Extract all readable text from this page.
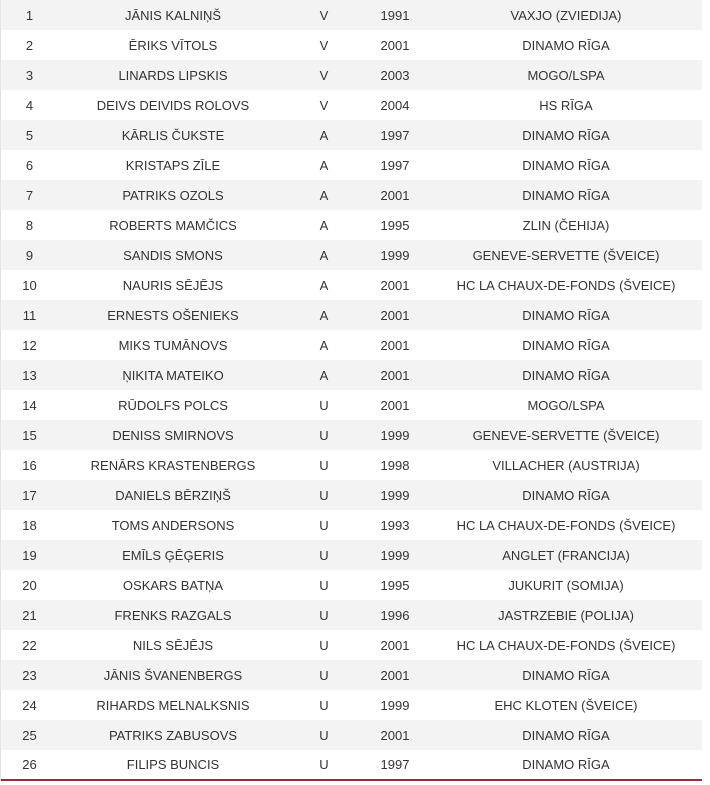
1	JĀNIS KALNIŅŠ	V	1991	VAXJO (ZVIEDIJA)
2	ĒRIKS VĪTOLS	V	2001	DINAMO RĪGA
3	LINARDS LIPSKIS	V	2003	MOGO/LSPA
4	DEIVS DEIVIDS ROLOVS	V	2004	HS RĪGA
5	KĀRLIS ČUKSTE	A	1997	DINAMO RĪGA
6	KRISTAPS ZĪLE	A	1997	DINAMO RĪGA
7	PATRIKS OZOLS	A	2001	DINAMO RĪGA
8	ROBERTS MAMČICS	A	1995	ZLIN (ČEHIJA)
9	SANDIS SMONS	A	1999	GENEVE-SERVETTE (ŠVEICE)
10	NAURIS SĒJĒJS	A	2001	HC LA CHAUX-DE-FONDS (ŠVEICE)
11	ERNESTS OŠENIEKS	A	2001	DINAMO RĪGA
12	MIKS TUMĀNOVS	A	2001	DINAMO RĪGA
13	ŅIKITA MATEIKO	A	2001	DINAMO RĪGA
14	RŪDOLFS POLCS	U	2001	MOGO/LSPA
15	DENISS SMIRNOVS	U	1999	GENEVE-SERVETTE (ŠVEICE)
16	RENĀRS KRASTENBERGS	U	1998	VILLACHER (AUSTRIJA)
17	DANIELS BĒRZIŅŠ	U	1999	DINAMO RĪGA
18	TOMS ANDERSONS	U	1993	HC LA CHAUX-DE-FONDS (ŠVEICE)
19	EMĪLS ĢĒĢERIS	U	1999	ANGLET (FRANCIJA)
20	OSKARS BATŅA	U	1995	JUKURIT (SOMIJA)
21	FRENKS RAZGALS	U	1996	JASTRZEBIE (POLIJA)
22	NILS SĒJĒJS	U	2001	HC LA CHAUX-DE-FONDS (ŠVEICE)
23	JĀNIS ŠVANENBERGS	U	2001	DINAMO RĪGA
24	RIHARDS MELNALKSNIS	U	1999	EHC KLOTEN (ŠVEICE)
25	PATRIKS ZABUSOVS	U	2001	DINAMO RĪGA
26	FILIPS BUNCIS	U	1997	DINAMO RĪGA
